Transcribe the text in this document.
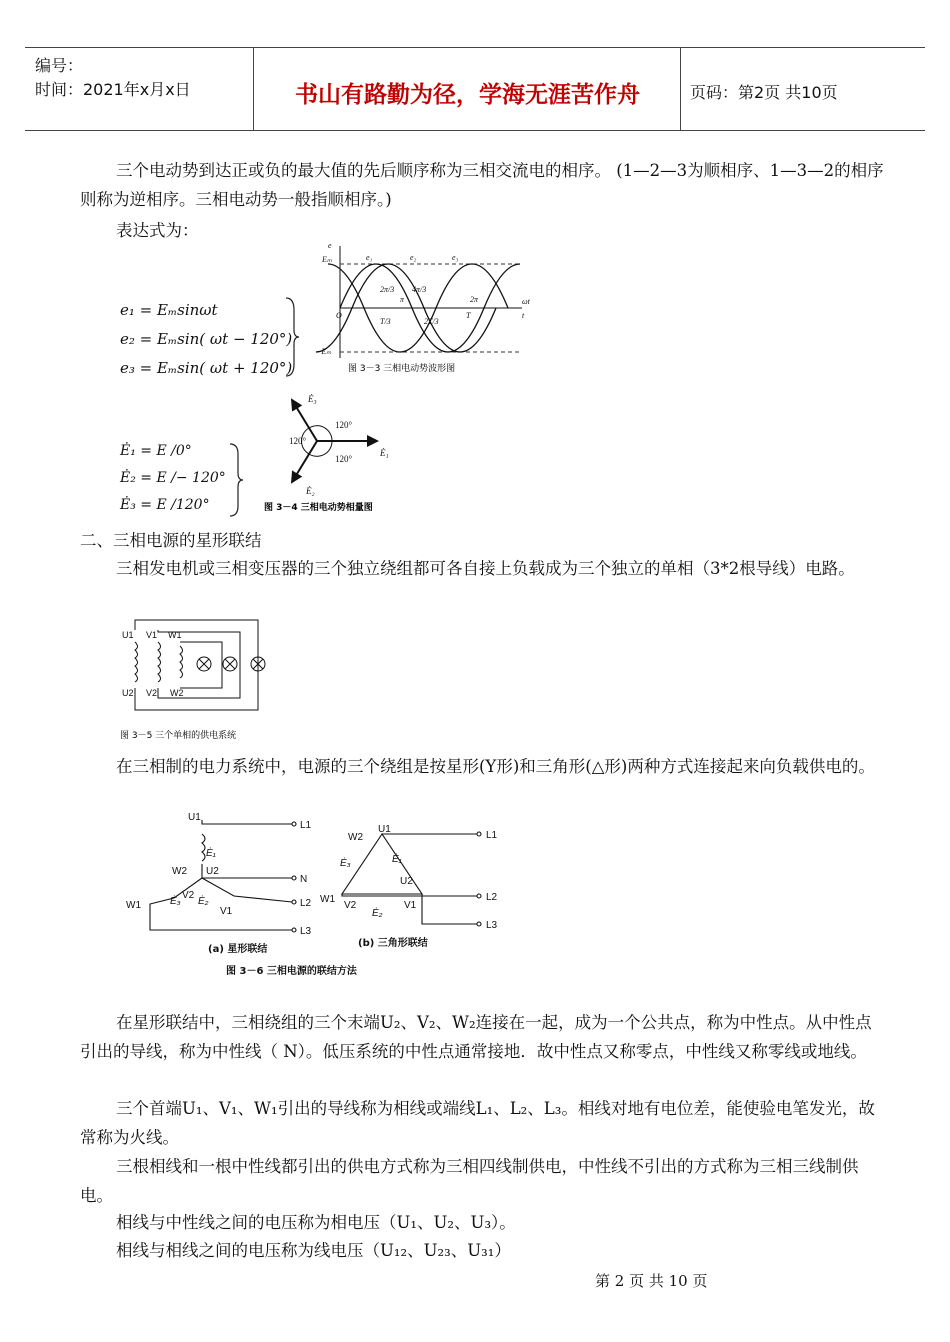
编号：
时间：2021年x月x日	书山有路勤为径，学海无涯苦作舟	页码：第2页 共10页

三个电动势到达正或负的最大值的先后顺序称为三相交流电的相序。 (1—2—3为顺相序、1—3—2的相序则称为逆相序。三相电动势一般指顺相序。)

表达式为：

e₁ = Eₘsinωt
e₂ = Eₘsin( ωt − 120°)
e₃ = Eₘsin( ωt + 120°)
e
Eₘ
−Eₘ
O
ωt
t
e₁	e₂	e₃
2π/3
π
4π/3
2π
T/3	2T/3
T
图 3－3 三相电动势波形图
Ė₁ = E /0°
Ė₂ = E /− 120°
Ė₃ = E /120°
120°
120°
120°
Ė₁
Ė₂
Ė₃
图 3－4 三相电动势相量图

二、三相电源的星形联结

三相发电机或三相变压器的三个独立绕组都可各自接上负载成为三个独立的单相（3*2根导线）电路。

U1 V1 W1
U2 V2 W2
图 3－5 三个单相的供电系统

在三相制的电力系统中，电源的三个绕组是按星形(Y形)和三角形(△形)两种方式连接起来向负载供电的。

U1
U2
W2
V2
W1
V1
Ė₁
Ė₂
Ė₃
L1
N
L2
L3
W2
U1
U2
W1
V2	V1
Ė₁
Ė₂
Ė₃
L1
L2
L3
(a) 星形联结
(b) 三角形联结
图 3－6 三相电源的联结方法

在星形联结中，三相绕组的三个末端U₂、V₂、W₂连接在一起，成为一个公共点，称为中性点。从中性点引出的导线，称为中性线（ N）。低压系统的中性点通常接地．故中性点又称零点，中性线又称零线或地线。

三个首端U₁、V₁、W₁引出的导线称为相线或端线L₁、L₂、L₃。相线对地有电位差，能使验电笔发光，故常称为火线。

三根相线和一根中性线都引出的供电方式称为三相四线制供电，中性线不引出的方式称为三相三线制供电。

相线与中性线之间的电压称为相电压（U₁、U₂、U₃）。

相线与相线之间的电压称为线电压（U₁₂、U₂₃、U₃₁）

第 2 页 共 10 页
